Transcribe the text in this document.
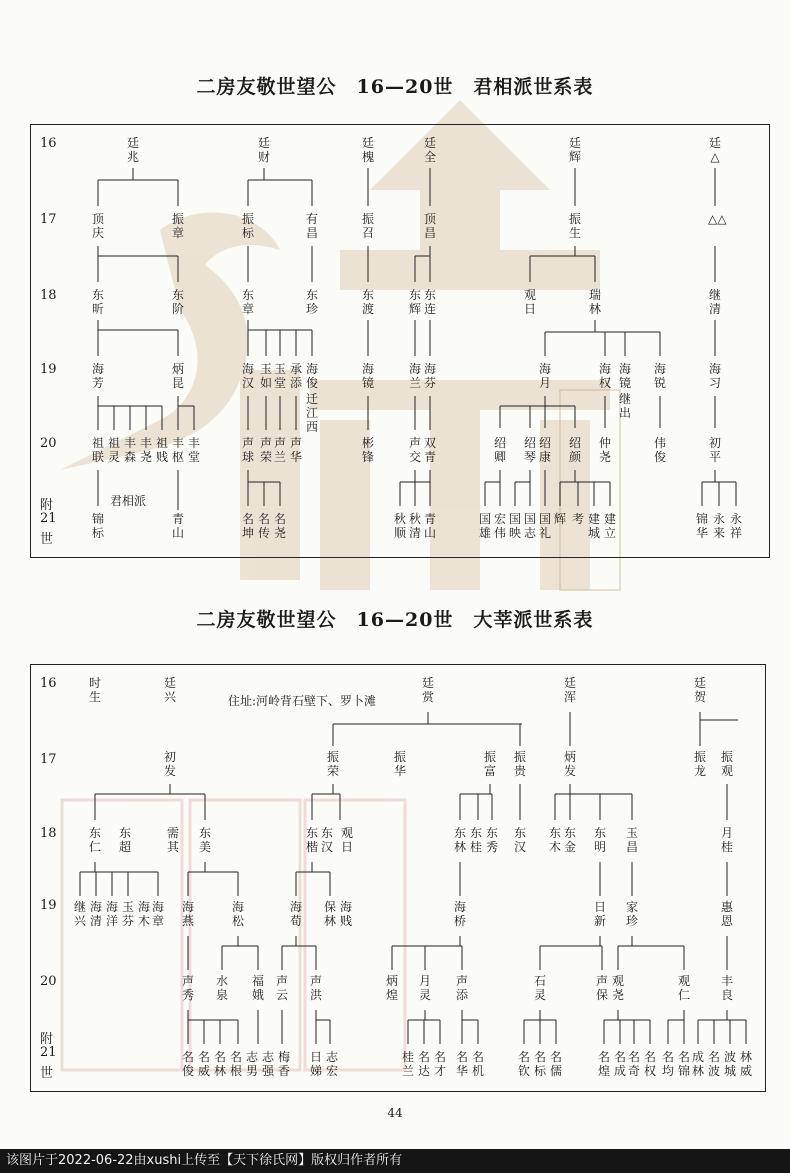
二房友敬世望公　16—20世　君相派世系表
二房友敬世望公　16—20世　大莘派世系表
16
17
18
19
20
附
21
世
16
17
18
19
20
附
21
世
廷兆
廷财
廷槐
廷全
廷辉
廷△
顶庆
振章
振标
有昌
振召
顶昌
振生
△△
东昕
东阶
东章
东珍
东渡
东辉
东连
观日
瑞林
继清
海芳
炳昆
海汉
玉如
玉堂
承添
海俊
迁江西
海镜
海兰
海芬
海月
海权
海镜
继出
海锐
海习
祖联
祖灵
丰森
丰尧
祖贱
丰枢
丰堂
声球
声荣
声兰
声华
彬锋
声交
双青
绍卿
绍琴
绍康
绍颜
仲尧
伟俊
初平
锦标
青山
君相派
名坤
名传
名尧
秋顺
秋清
青山
国雄
宏伟
国映
国志
国礼
辉 考 建城
建立
锦华
永来
永祥
住址:河岭背石壁下、罗卜滩
时生
廷兴
廷赏
廷浑
廷贺
初发
振荣
振华
振富
振贵
炳发
振龙
振观
东仁
东超
需其
东美
东楷
东汉
观日
东林
东桂
东秀
东汉
东木
东金
东明
玉昌
月桂
继兴
海清
海洋
玉芬
海木
海章
海燕
海松
海荀
保林
海贱
海桥
日新
家珍
惠恩
声秀
水泉
福娥
声云
声洪
炳煌
月灵
声添
石灵
声保
观尧
观仁
丰良
名俊
名威
名林
名根
志男
志强
梅香
日娣
志宏
桂兰
名达
名才
名华
名机
名钦
名标
名儒
名煌
名成
名奇
名权
名均
名锦
成林
名波
波城
林威
44
该图片于2022-06-22由xushi上传至【天下徐氏网】版权归作者所有
